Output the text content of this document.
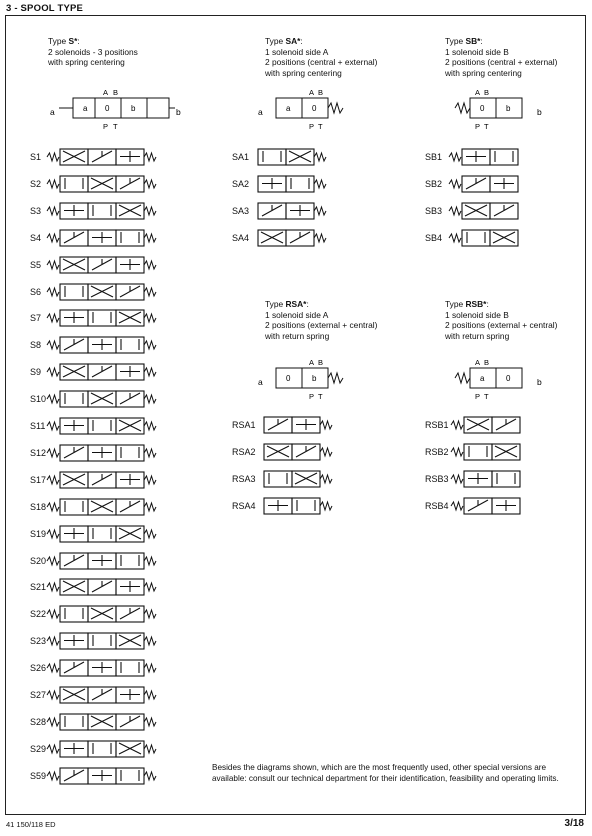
3 - SPOOL TYPE
Type S*:
2 solenoids - 3 positions
with spring centering
Type SA*:
1 solenoid side A
2 positions (central + external)
with spring centering
Type SB*:
1 solenoid side B
2 positions (central + external)
with spring centering
Type RSA*:
1 solenoid side A
2 positions (external + central)
with return spring
Type RSB*:
1 solenoid side B
2 positions (external + central)
with return spring
a	b
a 0	b
A B
P T
a	a	0
A B
P T
0	b
A B
P T
b
a	0	b
A B
P T
a	0
A B
P T
b
S1
S2
S3
S4
S5
S6
S7
S8
S9
S10
S11
S12
S17
S18
S19
S20
S21
S22
S23
S26
S27
S28
S29
S59
SA1
SA2
SA3
SA4
SB1
SB2
SB3
SB4
RSA1
RSA2
RSA3
RSA4
RSB1
RSB2
RSB3
RSB4
Besides the diagrams shown, which are the most frequently used, other special versions are available: consult our technical department for their identification, feasibility and operating limits.
41 150/118 ED	3/18
